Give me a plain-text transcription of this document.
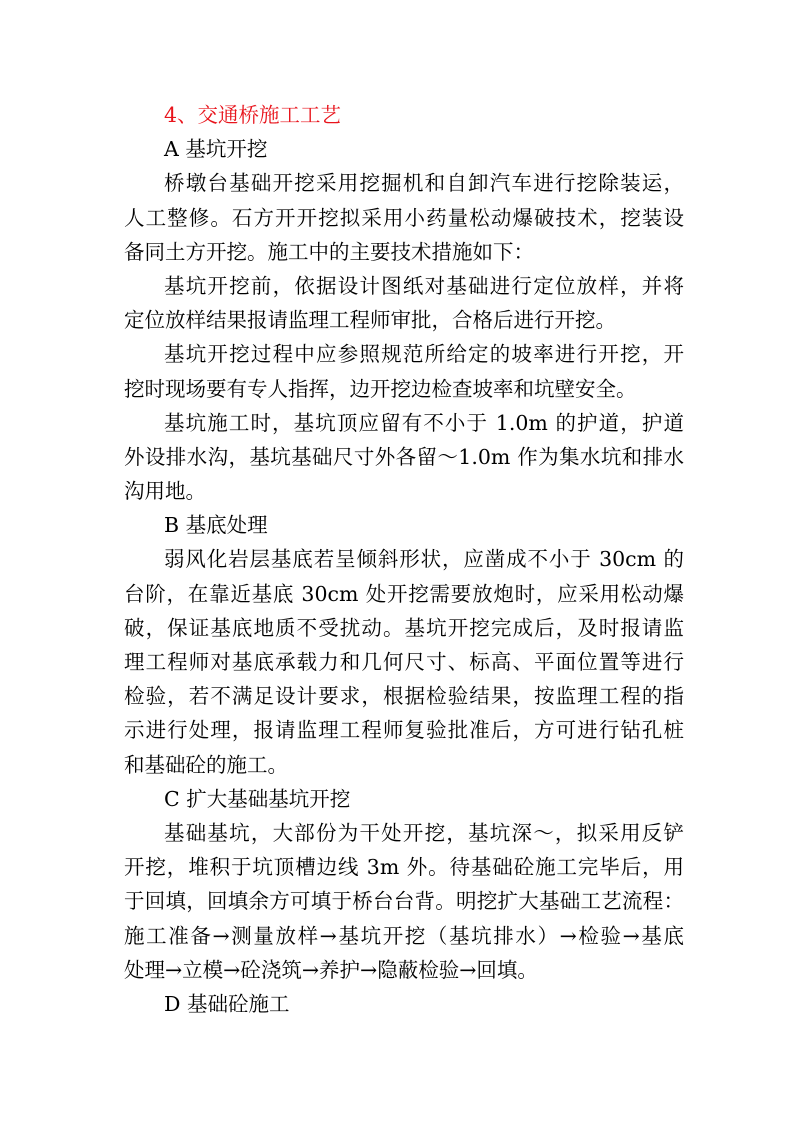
4、交通桥施工工艺
A 基坑开挖
桥墩台基础开挖采用挖掘机和自卸汽车进行挖除装运，
人工整修。石方开开挖拟采用小药量松动爆破技术，挖装设
备同土方开挖。施工中的主要技术措施如下：
基坑开挖前，依据设计图纸对基础进行定位放样，并将
定位放样结果报请监理工程师审批，合格后进行开挖。
基坑开挖过程中应参照规范所给定的坡率进行开挖，开
挖时现场要有专人指挥，边开挖边检查坡率和坑壁安全。
基坑施工时，基坑顶应留有不小于 1.0m 的护道，护道
外设排水沟，基坑基础尺寸外各留～1.0m 作为集水坑和排水
沟用地。
B 基底处理
弱风化岩层基底若呈倾斜形状，应凿成不小于 30cm 的
台阶，在靠近基底 30cm 处开挖需要放炮时，应采用松动爆
破，保证基底地质不受扰动。基坑开挖完成后，及时报请监
理工程师对基底承载力和几何尺寸、标高、平面位置等进行
检验，若不满足设计要求，根据检验结果，按监理工程的指
示进行处理，报请监理工程师复验批准后，方可进行钻孔桩
和基础砼的施工。
C 扩大基础基坑开挖
基础基坑，大部份为干处开挖，基坑深～，拟采用反铲
开挖，堆积于坑顶槽边线 3m 外。待基础砼施工完毕后，用
于回填，回填余方可填于桥台台背。明挖扩大基础工艺流程：
施工准备→测量放样→基坑开挖（基坑排水）→检验→基底
处理→立模→砼浇筑→养护→隐蔽检验→回填。
D 基础砼施工
